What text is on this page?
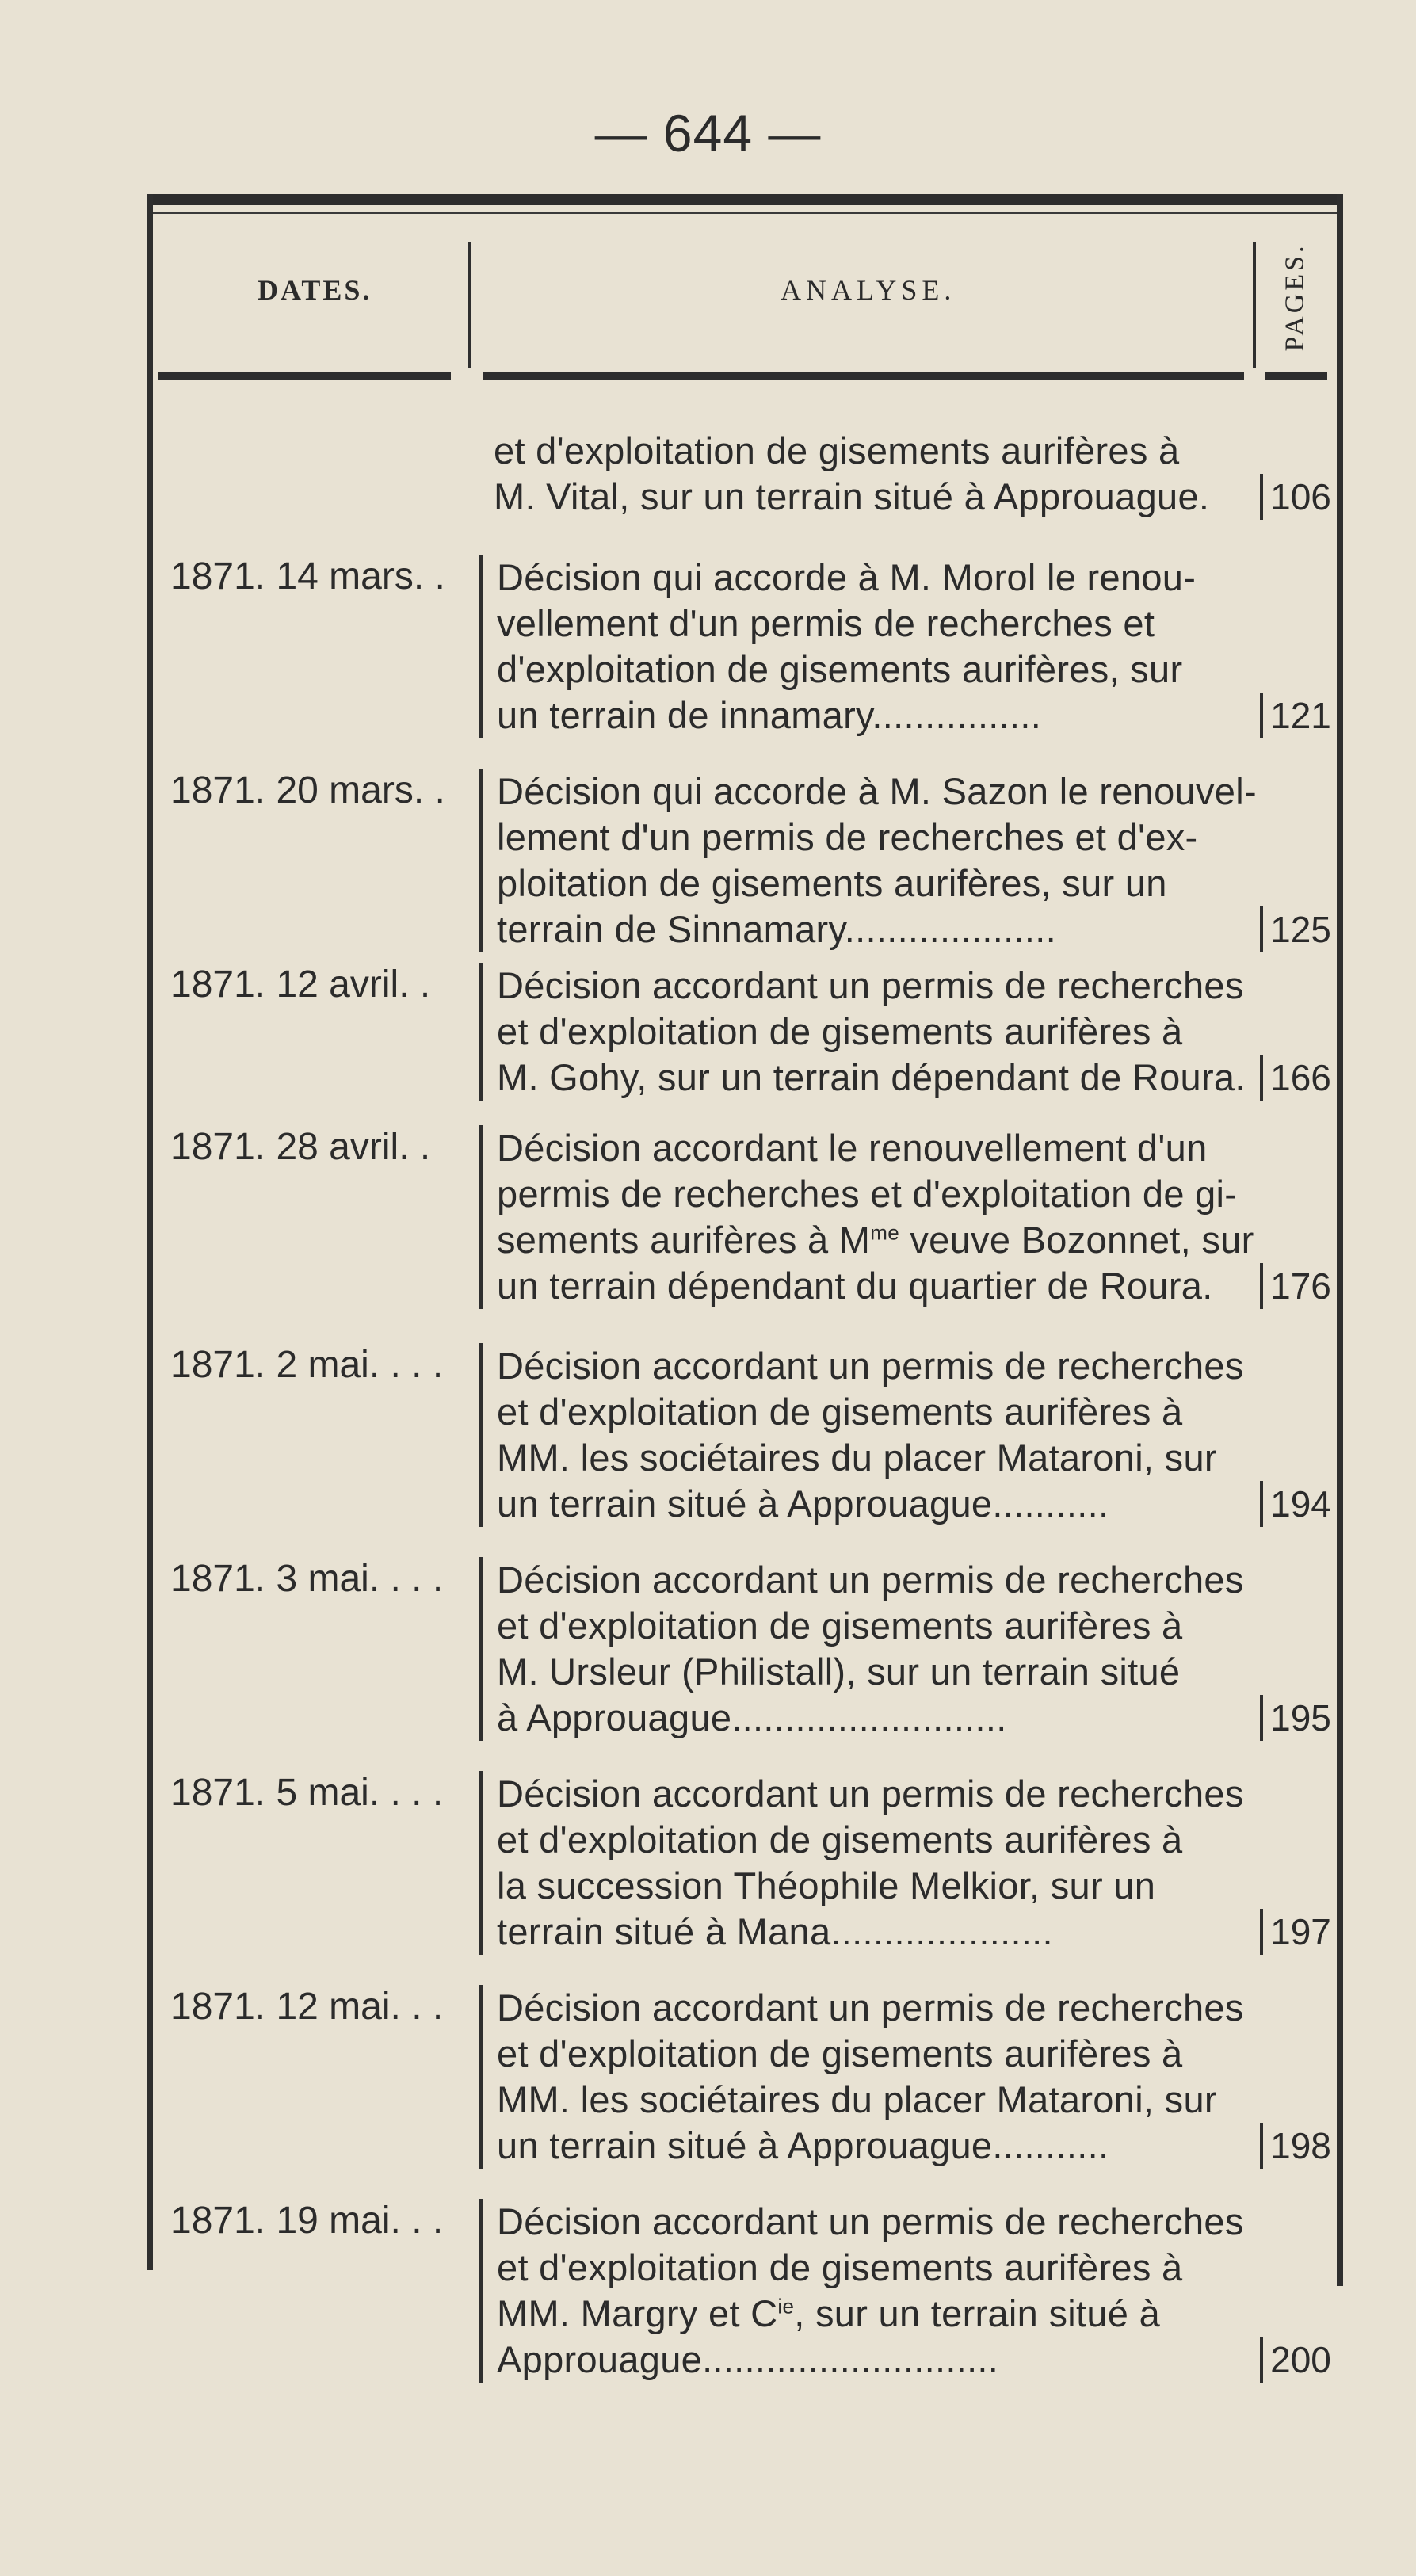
— 644 —
DATES.	ANALYSE.	PAGES.
et d'exploitation de gisements aurifères à
M. Vital, sur un terrain situé à Approuague.	106
1871. 14 mars. . Décision qui accorde à M. Morol le renou-
vellement d'un permis de recherches et
d'exploitation de gisements aurifères, sur
un terrain de innamary................	121
1871. 20 mars. . Décision qui accorde à M. Sazon le renouvel-
lement d'un permis de recherches et d'ex-
ploitation de gisements aurifères, sur un
terrain de Sinnamary....................	125
1871. 12 avril. . Décision accordant un permis de recherches
et d'exploitation de gisements aurifères à
M. Gohy, sur un terrain dépendant de Roura. 166
1871. 28 avril. . Décision accordant le renouvellement d'un
permis de recherches et d'exploitation de gi-
sements aurifères à $M^{me}$ veuve Bozonnet, sur
un terrain dépendant du quartier de Roura.	176
1871. 2 mai. . . . Décision accordant un permis de recherches
et d'exploitation de gisements aurifères à
MM. les sociétaires du placer Mataroni, sur
un terrain situé à Approuague...........	194
1871. 3 mai. . . . Décision accordant un permis de recherches
et d'exploitation de gisements aurifères à
M. Ursleur (Philistall), sur un terrain situé
à Approuague..........................	195
1871. 5 mai. . . . Décision accordant un permis de recherches
et d'exploitation de gisements aurifères à
la succession Théophile Melkior, sur un
terrain situé à Mana.....................	197
1871. 12 mai. . . Décision accordant un permis de recherches
et d'exploitation de gisements aurifères à
MM. les sociétaires du placer Mataroni, sur
un terrain situé à Approuague...........	198
1871. 19 mai. . . Décision accordant un permis de recherches
et d'exploitation de gisements aurifères à
MM. Margry et $C^{ie}$, sur un terrain situé à
Approuague............................	200
